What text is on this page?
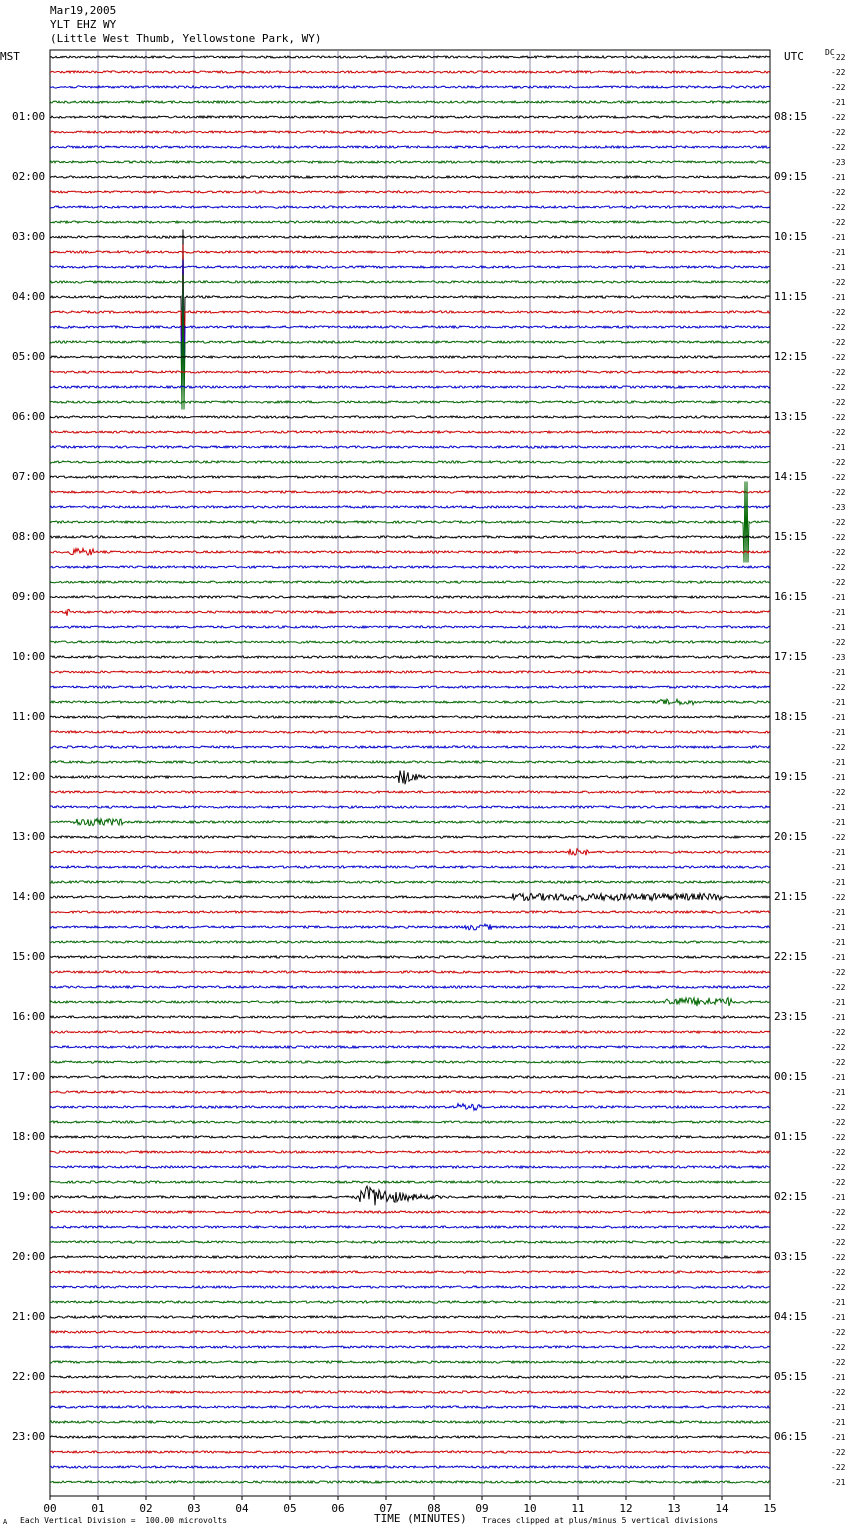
00	01	02	03	04	05	06	07	08	09	10	11	12	13	14	15
Mar19,2005
YLT EHZ WY
(Little West Thumb, Yellowstone Park, WY)
MST	UTC	DC
01:00
02:00
03:00
04:00
05:00
06:00
07:00
08:00
09:00
10:00
11:00
12:00
13:00
14:00
15:00
16:00
17:00
18:00
19:00
20:00
21:00
22:00
23:00
08:15
09:15
10:15
11:15
12:15
13:15
14:15
15:15
16:15
17:15
18:15
19:15
20:15
21:15
22:15
23:15
00:15
01:15
02:15
03:15
04:15
05:15
06:15
-22
-22
-22
-21
-22
-22
-22
-23
-21
-22
-22
-22
-21
-21
-21
-22
-21
-22
-22
-22
-22
-22
-22
-22
-22
-22
-21
-22
-22
-22
-23
-22
-22
-22
-22
-22
-21
-21
-21
-22
-23
-21
-22
-21
-21
-21
-22
-21
-21
-22
-21
-21
-22
-21
-21
-21
-22
-21
-21
-21
-21
-22
-22
-21
-21
-22
-22
-22
-21
-21
-22
-22
-22
-22
-22
-22
-21
-22
-22
-22
-22
-22
-22
-21
-21
-22
-22
-22
-21
-22
-21
-21
-21
-22
-22
-21
A Each Vertical Division =  100.00 microvolts	TIME (MINUTES) Traces clipped at plus/minus 5 vertical divisions
